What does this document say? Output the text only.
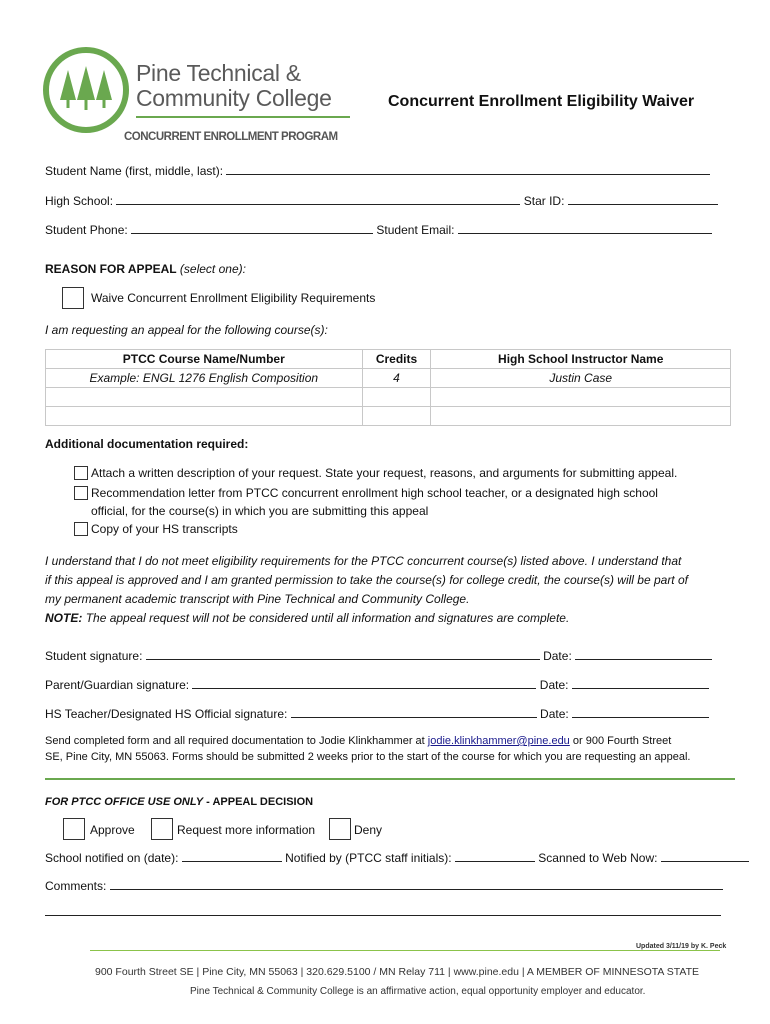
Pine Technical &
Community College
CONCURRENT ENROLLMENT PROGRAM
Concurrent Enrollment Eligibility Waiver
Student Name (first, middle, last):
High School:	Star ID:
Student Phone:	Student Email:
REASON FOR APPEAL (select one):
Waive Concurrent Enrollment Eligibility Requirements
I am requesting an appeal for the following course(s):
PTCC Course Name/Number	Credits	High School Instructor Name
Example: ENGL 1276 English Composition	4	Justin Case

Additional documentation required:
Attach a written description of your request. State your request, reasons, and arguments for submitting appeal.
Recommendation letter from PTCC concurrent enrollment high school teacher, or a designated high school
official, for the course(s) in which you are submitting this appeal
Copy of your HS transcripts
I understand that I do not meet eligibility requirements for the PTCC concurrent course(s) listed above. I understand that
if this appeal is approved and I am granted permission to take the course(s) for college credit, the course(s) will be part of
my permanent academic transcript with Pine Technical and Community College.
NOTE: The appeal request will not be considered until all information and signatures are complete.
Student signature:	Date:
Parent/Guardian signature:	Date:
HS Teacher/Designated HS Official signature:	Date:
Send completed form and all required documentation to Jodie Klinkhammer at jodie.klinkhammer@pine.edu or 900 Fourth Street
SE, Pine City, MN 55063. Forms should be submitted 2 weeks prior to the start of the course for which you are requesting an appeal.
FOR PTCC OFFICE USE ONLY - APPEAL DECISION
Approve	Request more information	Deny
School notified on (date):	Notified by (PTCC staff initials):	Scanned to Web Now:
Comments:
Updated 3/11/19 by K. Peck
900 Fourth Street SE | Pine City, MN 55063 | 320.629.5100 / MN Relay 711 | www.pine.edu | A MEMBER OF MINNESOTA STATE
Pine Technical & Community College is an affirmative action, equal opportunity employer and educator.
